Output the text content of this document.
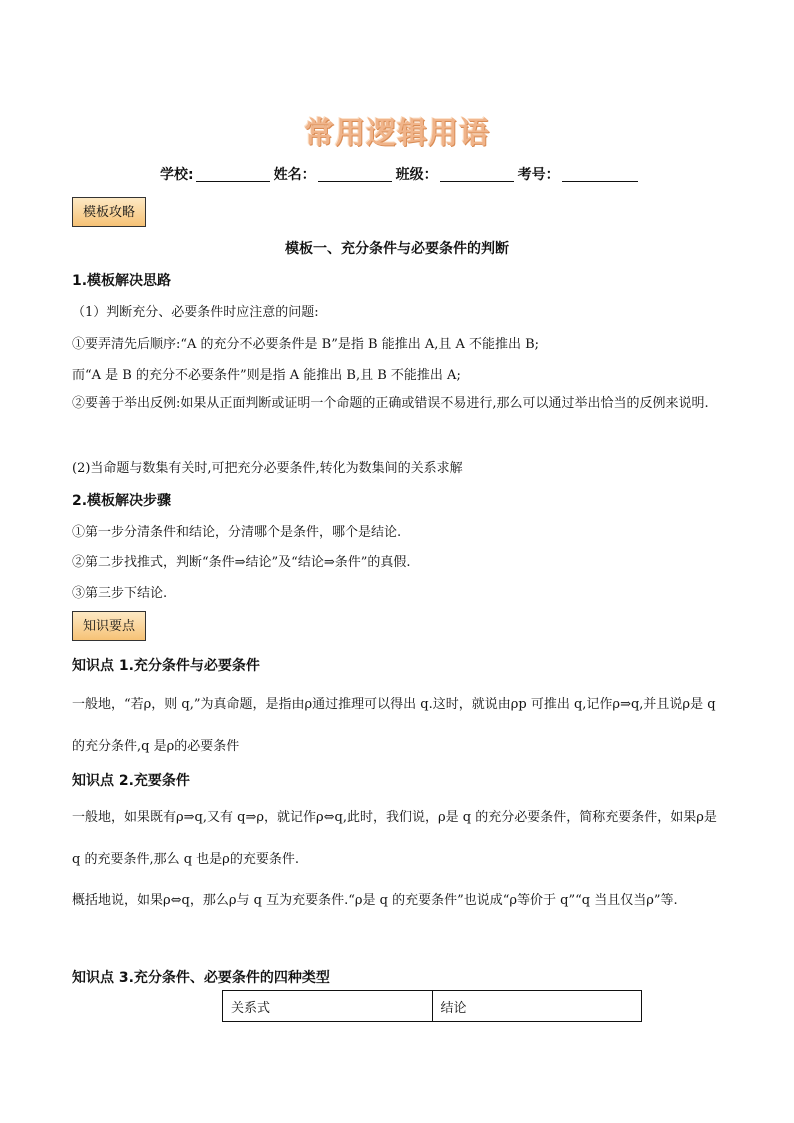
常用逻辑用语
学校:	姓名：	班级：	考号：
模板攻略
模板一、充分条件与必要条件的判断
1.模板解决思路
（1）判断充分、必要条件时应注意的问题:
①要弄清先后顺序:“A 的充分不必要条件是 B”是指 B 能推出 A,且 A 不能推出 B;
而“A 是 B 的充分不必要条件”则是指 A 能推出 B,且 B 不能推出 A;
②要善于举出反例:如果从正面判断或证明一个命题的正确或错误不易进行,那么可以通过举出恰当的反例来说明.
(2)当命题与数集有关时,可把充分必要条件,转化为数集间的关系求解
2.模板解决步骤
①第一步分清条件和结论，分清哪个是条件，哪个是结论.
②第二步找推式，判断“条件⇒结论”及“结论⇒条件”的真假.
③第三步下结论.
知识要点
知识点 1.充分条件与必要条件
一般地，“若ρ，则 q,”为真命题，是指由ρ通过推理可以得出 q.这时，就说由ρp 可推出 q,记作ρ⇒q,并且说ρ是 q 的充分条件,q 是ρ的必要条件
知识点 2.充要条件
一般地，如果既有ρ⇒q,又有 q⇒ρ，就记作ρ⇔q,此时，我们说，ρ是 q 的充分必要条件，简称充要条件，如果ρ是 q 的充要条件,那么 q 也是ρ的充要条件.
概括地说，如果ρ⇔q，那么ρ与 q 互为充要条件.“ρ是 q 的充要条件”也说成“ρ等价于 q”“q 当且仅当ρ”等.
知识点 3.充分条件、必要条件的四种类型
关系式	结论
